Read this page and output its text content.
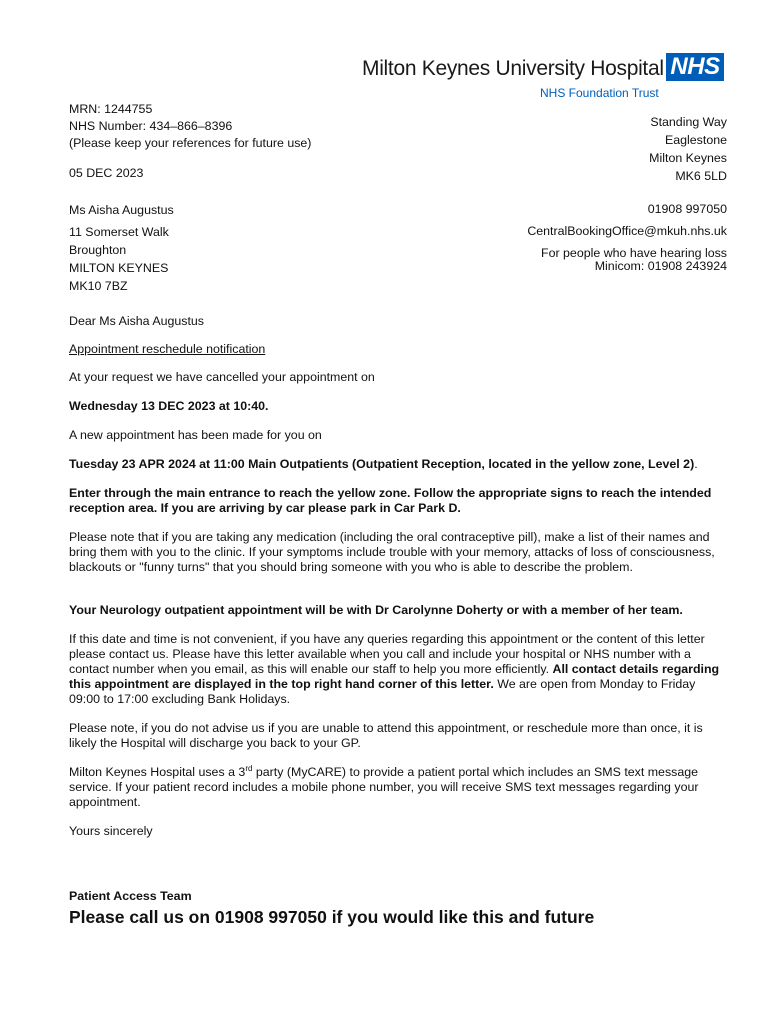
Milton Keynes University Hospital NHS
NHS Foundation Trust
MRN: 1244755
NHS Number: 434–866–8396
(Please keep your references for future use)
05 DEC 2023
Standing Way
Eaglestone
Milton Keynes
MK6 5LD
01908 997050
CentralBookingOffice@mkuh.nhs.uk
For people who have hearing loss
Minicom: 01908 243924
Ms Aisha Augustus
11 Somerset Walk
Broughton
MILTON KEYNES
MK10 7BZ

Dear Ms Aisha Augustus

Appointment reschedule notification

At your request we have cancelled your appointment on

Wednesday 13 DEC 2023 at 10:40.

A new appointment has been made for you on

Tuesday 23 APR 2024 at 11:00 Main Outpatients (Outpatient Reception, located in the yellow zone, Level 2).

Enter through the main entrance to reach the yellow zone. Follow the appropriate signs to reach the intended reception area. If you are arriving by car please park in Car Park D.

Please note that if you are taking any medication (including the oral contraceptive pill), make a list of their names and bring them with you to the clinic. If your symptoms include trouble with your memory, attacks of loss of consciousness, blackouts or "funny turns" that you should bring someone with you who is able to describe the problem.

Your Neurology outpatient appointment will be with Dr Carolynne Doherty or with a member of her team.

If this date and time is not convenient, if you have any queries regarding this appointment or the content of this letter please contact us. Please have this letter available when you call and include your hospital or NHS number with a contact number when you email, as this will enable our staff to help you more efficiently. All contact details regarding this appointment are displayed in the top right hand corner of this letter. We are open from Monday to Friday 09:00 to 17:00 excluding Bank Holidays.

Please note, if you do not advise us if you are unable to attend this appointment, or reschedule more than once, it is likely the Hospital will discharge you back to your GP.

Milton Keynes Hospital uses a 3rd party (MyCARE) to provide a patient portal which includes an SMS text message service. If your patient record includes a mobile phone number, you will receive SMS text messages regarding your appointment.

Yours sincerely

Patient Access Team

Please call us on 01908 997050 if you would like this and future
